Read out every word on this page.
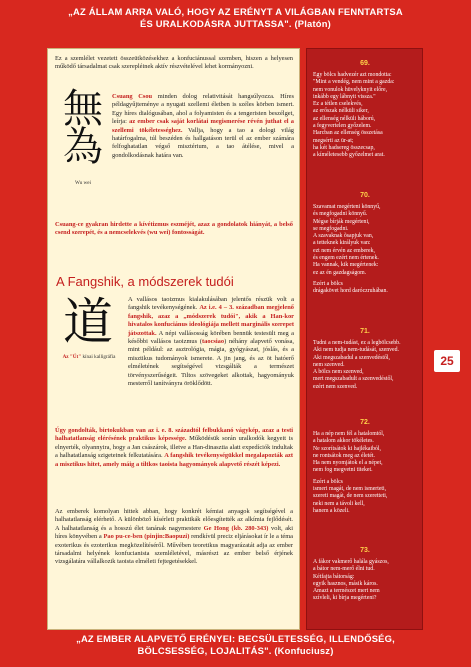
„AZ ÁLLAM ARRA VALÓ, HOGY AZ ERÉNYT A VILÁGBAN FENNTARTSA
ÉS URALKODÁSRA JUTTASSA". (Platón)
Ez a szemlélet vezetett összeütközésekhez a konfuciánussal szemben, hiszen a helyesen működő társadalmat csak szerepléinek aktív részvételével lehet kormányozni.
無為
Wu wei
Csuang Csou minden dolog relativitását hangsúlyozza. Híres példagyűjteménye a nyugati szellemi életben is széles körben ismert. Egy híres dialógusában, ahol a folyamisten és a tengeristen beszélget, leírja: az ember csak saját korlátai megismerése révén juthat el a szellemi tökéletességhez. Vallja, hogy a tao a dologi világ határfogalma, túl beszéden és hallgatáson terül el az ember számára felfoghatatlan végső misztérium, a tao átélése, mivel a gondolkodásnak határa van.
Csuang-ce gyakran hirdette a kívétizmus eszméjét, azaz a gondolatok hiányát, a belső csend szerepét, és a nemcselekvés (wu wei) fontosságát.
A Fangshik, a módszerek tudói
道
Az "Út" kínai kalligráfia
A vallásos taoizmus kialakulásában jelentős részük volt a fangshik tevékenységének. Az i.e. 4 – 3. században megjelenő fangshik, azaz a „módszerek tudói", akik a Han-kor hivatalos konfuciánus ideológiája mellett marginális szerepet játszottak. A népi vallásosság körében bennük testesült meg a későbbi vallásos taoizmus (taocsiao) néhány alapvető vonása, mint például: az asztrológia, mágia, gyógyászat, jóslás, és a misztikus tudományok ismerete. A jin jang, és az öt hatóerő elméletének segítségével vizsgálták a természet törvényszerűségeit. Tiltos szövegeket alkottak, hagyományuk mesterről tanítványra öröklődött.
Úgy gondolták, birtokukban van az i. e. 8. századtól felbukkanó vágykép, azaz a testi halhatatlanság elérésének praktikus képessége. Működésük során uralkodók kegyeit is elnyerték, olyannyira, hogy a Jan császárok, illetve a Han-dinasztia alatt expedíciók indultak a halhatatlanság szigeteinek felkutatására. A fangshik tevékenységükkel megalapozták azt a misztikus hitet, amely máig a tiltkos taoista hagyományok alapvető részét képezi.
Az emberek komolyan hittek abban, hogy konkrét kémiai anyagok segítségével a halhatatlanság elérhető. A különböző kísérleti praktikák előesgítették az alkímia fejlődését. A halhatatlanság és a hosszú élet tanának nagymestere Ge Hong (kb. 280-343) volt, aki híres könyvében a Pao pu-ce-ben (pinjin:Baopuzi) rendkívül preciz eljárásokat ír le a téma exoterikus és ezoterikus megközelítéséről. Művében teoretikus magyarázatát adja az ember társadalmi helyének konfucianista szemléletével, másrészt az ember belső érjének vizsgálatára vállalkozik taoista elméleti fejtegetésekkel.
69.
Egy bölcs hadvezér azt mondotta:
"Mint a vendég, nem mint a gazda:
nem vonulok hüvelyknyit előre,
inkább egy lábnyit vissza."
Ez a tétlen cselekvés,
az erőszak nélküli siker,
az ellenség nélküli háború,
a fegyvertelen győzelem.
Harcban az ellenség összetása
megsérti az ür-at;
ha két hadsereg összecsap,
a kíméletesebb győzelmet arat.
70.
Szavamat megérteni könnyű,
és megfogadni könnyű.
Mégse bírják megérteni,
se megfogadni.
A szavaknak õsapjuk van,
a tetteknek királyuk van:
ezt nem érvén az emberek,
és engem ezért nem értenek.
Ha vannak, kik megértenek:
ez az én gazdagságom.

Ezért a bölcs
drágakövet hord daróczruhában.
71.
Tudni a nem-tudást, ez a legbölcsebb.
Aki nem tudja nem-tudását, szenved.
Aki megszabadul a szenvedéstől,
nem szenved.
A bölcs nem szenved,
mert megszabadult a szenvedéstől,
ezért nem szenved.
72.
Ha a nép nem fél a hatalomtól,
a hatalom akkor tökéletes.
Ne szorítsátok ki hajlékaiból,
ne rontsátok meg az életét.
Ha nem nyomjátok el a népet,
nem fog megvetni titeket.

Ezért a bölcs
ismeri magát, de nem ismerteti,
szereti magát, de nem szeretteti,
neki nem a távoli kell,
hanem a közeli.
73.
A fákor vakmerő halála gyászos,
a bátor nem-merő élni tud.
Kétfajta bátorság:
egyik hasznos, másik káros.
Amazt a természet mert nem
szívleli, ki bírja megérteni?
25
„AZ EMBER ALAPVETŐ ERÉNYEI: BECSÜLETESSÉG, ILLENDŐSÉG,
BÖLCSESSÉG, LOJALITÁS". (Konfuciusz)
